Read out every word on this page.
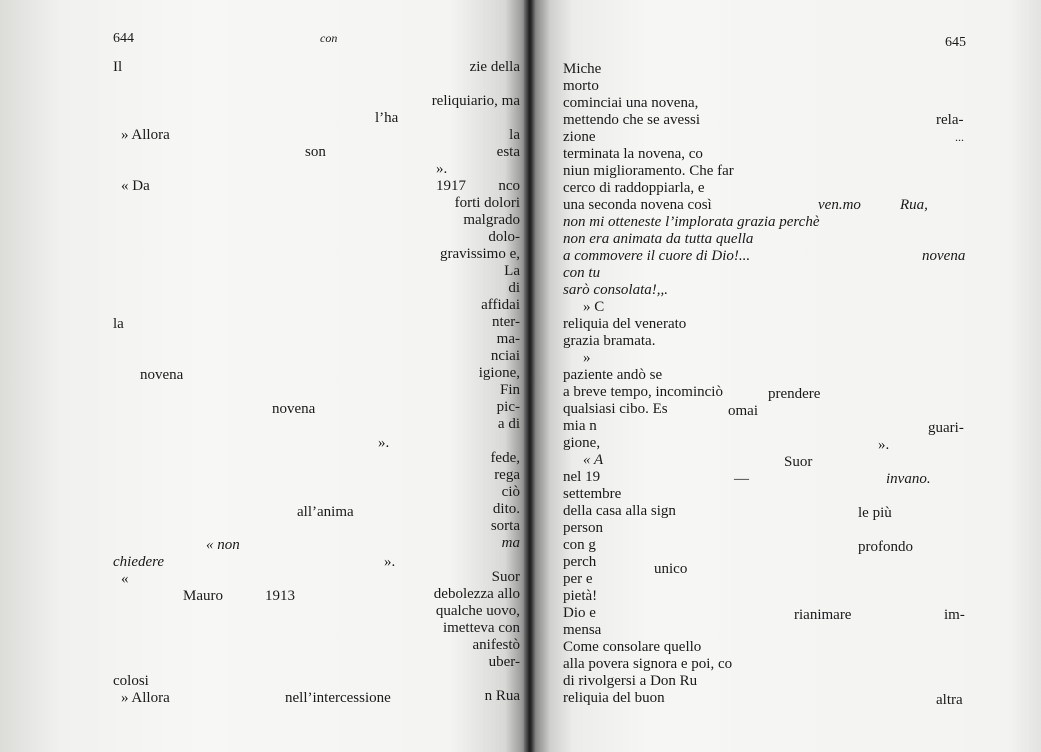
644	con
zie della
reliquiario, ma
la
esta
1917	nco
forti dolori
malgrado
dolo-
gravissimo e,
La
di
affidai
nter-
ma-
nciai
igione,
Fin
pic-
a di
fede,
rega
ciò
dito.
sorta
ma
Suor
debolezza allo
qualche uovo,
imetteva con
anifestò
uber-
n Rua
Il
l’ha
» Allora
son
».
« Da
la
novena
novena
».
all’anima
« non
chiedere	».
«
Mauro	1913
colosi
» Allora	nell’intercessione
645
Miche
morto
cominciai una novena,
mettendo che se avessi
zione
terminata la novena, co
niun miglioramento. Che far
cerco di raddoppiarla, e
una seconda novena così
non mi otteneste l’implorata grazia perchè
non era animata da tutta quella
a commovere il cuore di Dio!...
con tu
sarò consolata!,,.
» C
reliquia del venerato
grazia bramata.
»
paziente andò se
a breve tempo, incominciò
qualsiasi cibo. Es
mia n
gione,
« A
nel 19
settembre
della casa alla sign
person
con g
perch
per e
pietà!
Dio e
mensa
Come consolare quello
alla povera signora e poi, co
di rivolgersi a Don Ru
reliquia del buon
rela-
...
ven.mo	Rua,
novena
prendere
omai
guari-
».
Suor
—	invano.
le più
profondo
unico
rianimare	im-
altra
